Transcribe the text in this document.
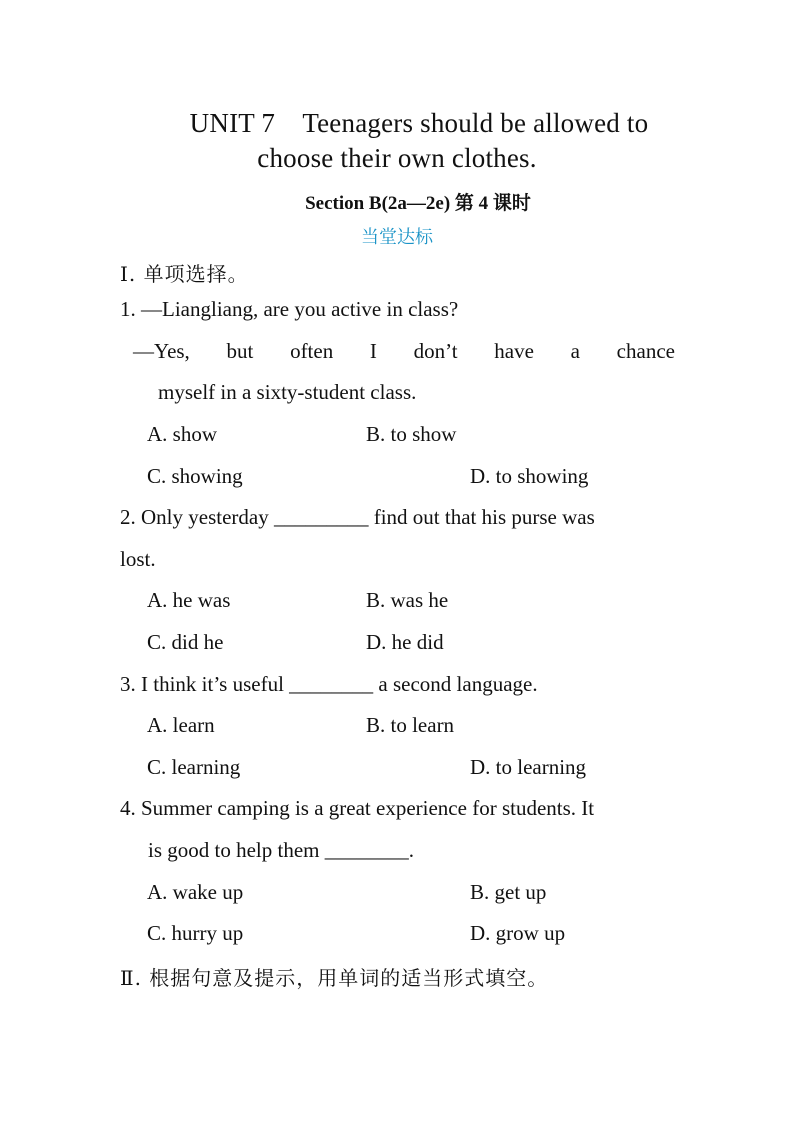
UNIT 7　Teenagers should be allowed to
choose their own clothes.
Section B(2a—2e) 第 4 课时
当堂达标
Ⅰ. 单项选择。
1. —Liangliang, are you active in class?
—Yes, but often I don’t have a chance
myself in a sixty-student class.
A. show	B. to show
C. showing	D. to showing
2. Only yesterday _________ find out that his purse was
lost.
A. he was	B. was he
C. did he	D. he did
3. I think it’s useful ________ a second language.
A. learn	B. to learn
C. learning	D. to learning
4. Summer camping is a great experience for students. It
is good to help them ________.
A. wake up	B. get up
C. hurry up	D. grow up
Ⅱ. 根据句意及提示，用单词的适当形式填空。
